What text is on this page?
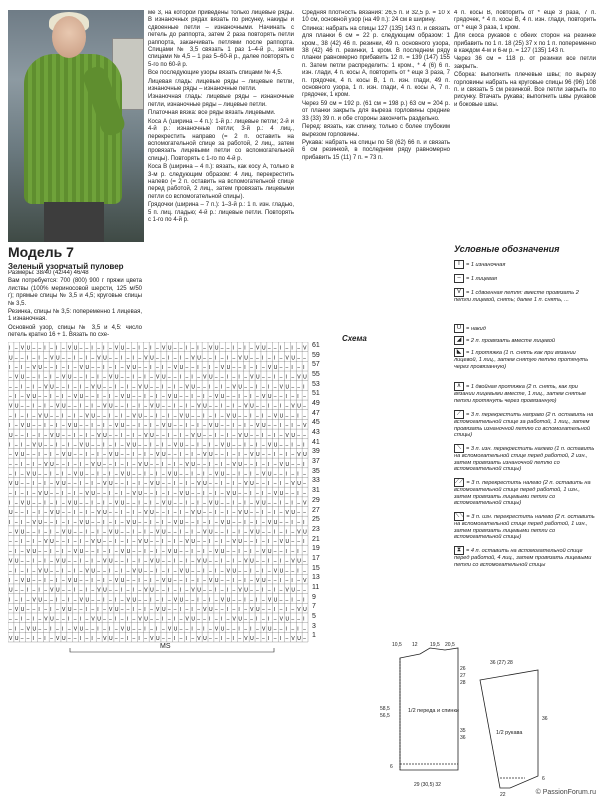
Модель 7

Зеленый узорчатый пуловер

Размеры: 38/40 (42/44) 46/48

Вам потребуется: 700 (800) 900 г пряжи цвета листвы (100% мериносовой шерсти, 125 м/50 г); прямые спицы № 3,5 и 4,5; круговые спицы № 3,5.

Резинка, спицы № 3,5: попеременно 1 лицевая, 1 изнаночная.

Основной узор, спицы № 3,5 и 4,5: число петель кратно 16 + 1. Вязать по схе-

ме 3, на которой приведены только лицевые ряды. В изнаночных рядах вязать по рисунку, накиды и сдвоенные петли – изнаночными. Начинать с петель до раппорта, затем 2 раза повторять петли раппорта, заканчивать петлями после раппорта. Спицами № 3,5 связать 1 раз 1–4-й р., затем спицами № 4,5 – 1 раз 5–60-й р., далее повторять с 5-го по 60-й р.

Все последующие узоры вязать спицами № 4,5.

Лицевая гладь: лицевые ряды – лицевые петли, изнаночные ряды – изнаночные петли.

Изнаночная гладь: лицевые ряды – изнаночные петли, изнаночные ряды – лицевые петли.

Платочная вязка: все ряды вязать лицевыми.

Коса А (ширина – 4 п.): 1-й р.: лицевые петли; 2-й и 4-й р.: изнаночные петли; 3-й р.: 4 лиц., перекрестить направо (= 2 п. оставить на вспомогательной спице за работой, 2 лиц., затем провязать лицевыми петли со вспомогательной спицы). Повторять с 1-го по 4-й р.

Коса B (ширина – 4 п.): вязать, как косу А, только в 3-м р. следующим образом: 4 лиц. перекрестить налево (= 2 п. оставить на вспомогательной спице перед работой, 2 лиц., затем провязать лицевыми петли со вспомогательной спицы).

Грядочки (ширина – 7 п.): 1–3-й р.: 1 п. изн. гладью, 5 п. лиц. гладью; 4-й р.: лицевые петли. Повторять с 1-го по 4-й р.

Средняя плотность вязания: 26,5 п. и 32,5 р. = 10 x 10 см, основной узор (на 49 п.): 24 см в ширину.

Спинка: набрать на спицы 127 (135) 143 п. и связать для планки 6 см = 22 р. следующим образом: 1 кром., 38 (42) 46 п. резинки, 49 п. основного узора, 38 (42) 46 п. резинки, 1 кром. В последнем ряду планки равномерно прибавить 12 п. = 139 (147) 155 п. Затем петли распределить: 1 кром., * 4 (6) 6 п. изн. глади, 4 п. косы А, повторить от * еще 3 раза, 7 п. грядочек, 4 п. косы B, 1 п. изн. глади, 49 п. основного узора, 1 п. изн. глади, 4 п. косы А, 7 п. грядочек, 1 кром.

Через 59 см = 192 р. (61 см = 198 р.) 63 см = 204 р. от планки закрыть для выреза горловины средние 33 (33) 39 п. и обе стороны закончить раздельно.

Перед: вязать, как спинку, только с более глубоким вырезом горловины.

Рукава: набрать на спицы по 58 (62) 66 п. и связать 6 см резинкой, в последнем ряду равномерно прибавить 15 (11) 7 п. = 73 п.

4 п. косы B, повторить от * еще 3 раза, 7 п. грядочек, * 4 п. косы B, 4 п. изн. глади, повторить от * еще 3 раза, 1 кром.

Для скоса рукавов с обеих сторон на резинке прибавить по 1 п. 18 (25) 37 x по 1 п. попеременно в каждом 4-м и 6-м р. = 127 (135) 143 п.

Через 36 см = 118 р. от резинки все петли закрыть.

Сборка: выполнить плечевые швы; по вырезу горловины набрать на круговые спицы 96 (96) 108 п. и связать 5 см резинкой. Все петли закрыть по рисунку. Втачать рукава; выполнить швы рукавов и боковые швы.

Условные обозначения
I = 1 изнаночная
– = 1 лицевая
V = 1 сдвоенная петля: вместе провязать 2 петли лицевой, снять; далее 1 п. снять, ...
U = накид
◢ = 2 п. провязать вместе лицевой
◣ = 1 протяжка (1 п. снять как при вязании лицевой, 1 лиц., затем снятую петлю протянуть через провязанную)
∧ = 1 двойная протяжка (2 п. снять, как при вязании лицевыми вместе, 1 лиц., затем снятые петли протянуть через провязанную)
⟋ = 3 п. перекрестить направо (2 п. оставить на вспомогательной спице за работой, 1 лиц., затем провязать изнаночной петлю со вспомогательной спицы)
⟍ = 3 п. изн. перекрестить налево (1 п. оставить на вспомогательной спице перед работой, 2 изн., затем провязать изнаночной петлю со вспомогательной спицы)
⟋⟋ = 3 п. перекрестить налево (2 п. оставить на вспомогательной спице перед работой, 1 изн., затем провязать лицевыми петли со вспомогательной спицы)
⟍⟍ = 3 п. изн. перекрестить налево (2 п. оставить на вспомогательной спице перед работой, 1 изн., затем провязать лицевыми петли со вспомогательной спицы)
⧗ = 4 п. оставить на вспомогательной спице перед работой, 4 лиц., затем провязать лицевыми петли со вспомогательной спицы
Схема
I – V U – – I – I – V U – – I – I – V U – – I – I – V U – – I – I – V U – – I – I – V U – – I – I – V
U – – I – I – V U – – I – I – V U – – I – I – V U – – I – I – V U – – I – I – V U – – I – I – V U – –
I – I – V U – – I – I – V U – – I – I – V U – – I – I – V U – – I – I – V U – – I – I – V U – – I – I
– V U – – I – I – V U – – I – I – V U – – I – I – V U – – I – I – V U – – I – I – V U – – I – I – V U
– – I – I – V U – – I – I – V U – – I – I – V U – – I – I – V U – – I – I – V U – – I – I – V U – – I
– I – V U – – I – I – V U – – I – I – V U – – I – I – V U – – I – I – V U – – I – I – V U – – I – I –
V U – – I – I – V U – – I – I – V U – – I – I – V U – – I – I – V U – – I – I – V U – – I – I – V U –
– I – I – V U – – I – I – V U – – I – I – V U – – I – I – V U – – I – I – V U – – I – I – V U – – I –
I – V U – – I – I – V U – – I – I – V U – – I – I – V U – – I – I – V U – – I – I – V U – – I – I – V
U – – I – I – V U – – I – I – V U – – I – I – V U – – I – I – V U – – I – I – V U – – I – I – V U – –
I – I – V U – – I – I – V U – – I – I – V U – – I – I – V U – – I – I – V U – – I – I – V U – – I – I
– V U – – I – I – V U – – I – I – V U – – I – I – V U – – I – I – V U – – I – I – V U – – I – I – V U
– – I – I – V U – – I – I – V U – – I – I – V U – – I – I – V U – – I – I – V U – – I – I – V U – – I
– I – V U – – I – I – V U – – I – I – V U – – I – I – V U – – I – I – V U – – I – I – V U – – I – I –
V U – – I – I – V U – – I – I – V U – – I – I – V U – – I – I – V U – – I – I – V U – – I – I – V U –
– I – I – V U – – I – I – V U – – I – I – V U – – I – I – V U – – I – I – V U – – I – I – V U – – I –
I – V U – – I – I – V U – – I – I – V U – – I – I – V U – – I – I – V U – – I – I – V U – – I – I – V
U – – I – I – V U – – I – I – V U – – I – I – V U – – I – I – V U – – I – I – V U – – I – I – V U – –
I – I – V U – – I – I – V U – – I – I – V U – – I – I – V U – – I – I – V U – – I – I – V U – – I – I
– V U – – I – I – V U – – I – I – V U – – I – I – V U – – I – I – V U – – I – I – V U – – I – I – V U
– – I – I – V U – – I – I – V U – – I – I – V U – – I – I – V U – – I – I – V U – – I – I – V U – – I
– I – V U – – I – I – V U – – I – I – V U – – I – I – V U – – I – I – V U – – I – I – V U – – I – I –
V U – – I – I – V U – – I – I – V U – – I – I – V U – – I – I – V U – – I – I – V U – – I – I – V U –
– I – I – V U – – I – I – V U – – I – I – V U – – I – I – V U – – I – I – V U – – I – I – V U – – I –
I – V U – – I – I – V U – – I – I – V U – – I – I – V U – – I – I – V U – – I – I – V U – – I – I – V
U – – I – I – V U – – I – I – V U – – I – I – V U – – I – I – V U – – I – I – V U – – I – I – V U – –
I – I – V U – – I – I – V U – – I – I – V U – – I – I – V U – – I – I – V U – – I – I – V U – – I – I
– V U – – I – I – V U – – I – I – V U – – I – I – V U – – I – I – V U – – I – I – V U – – I – I – V U
– – I – I – V U – – I – I – V U – – I – I – V U – – I – I – V U – – I – I – V U – – I – I – V U – – I
– I – V U – – I – I – V U – – I – I – V U – – I – I – V U – – I – I – V U – – I – I – V U – – I – I –
V U – – I – I – V U – – I – I – V U – – I – I – V U – – I – I – V U – – I – I – V U – – I – I – V U –
61
59
57
55
53
51
49
47
45
43
41
39
37
35
33
31
29
27
25
23
21
19
17
15
13
11
9
7
5
3
1
MS	10,5 12 19,5 20,5
26
27
28
58,5
56,5
35
36
6
29 (30,5) 32
36 (27) 28
36
6
22
1/2 переда и спинки
1/2 рукава
© PassionForum.ru
